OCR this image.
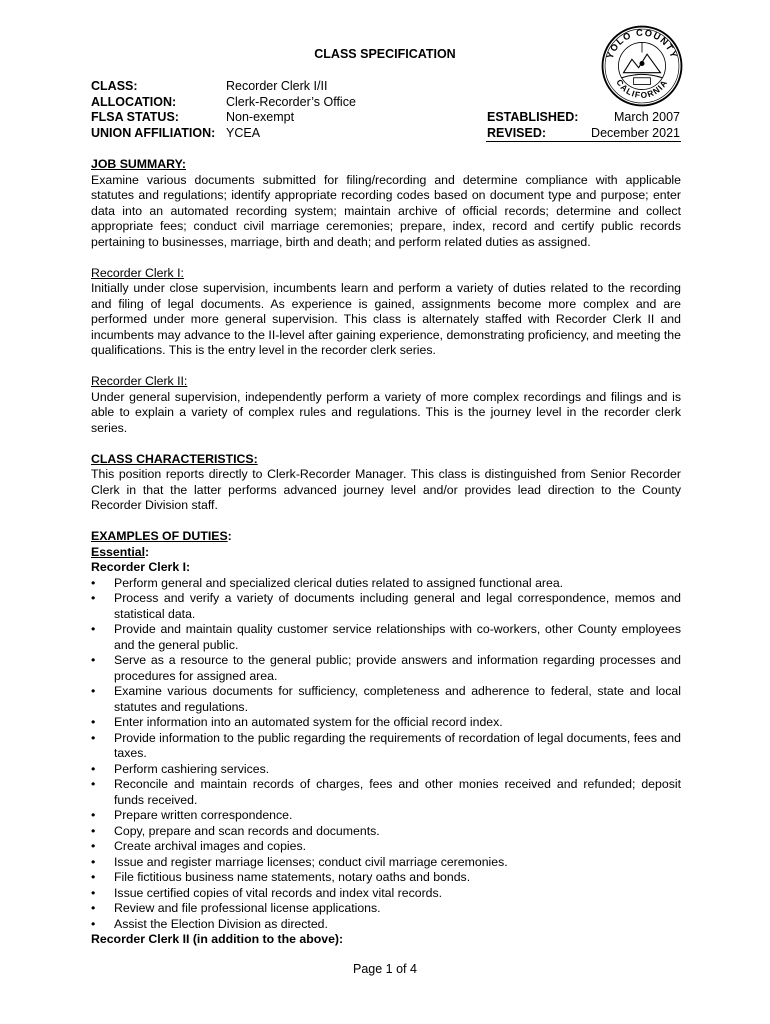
CLASS SPECIFICATION	YOLO COUNTY
CALIFORNIA
CLASS:
ALLOCATION:
FLSA STATUS:
UNION AFFILIATION:
Recorder Clerk I/II
Clerk-Recorder’s Office
Non-exempt
YCEA
ESTABLISHED:
REVISED:
March 2007
December 2021

JOB SUMMARY:

Examine various documents submitted for filing/recording and determine compliance with applicable statutes and regulations; identify appropriate recording codes based on document type and purpose; enter data into an automated recording system; maintain archive of official records; determine and collect appropriate fees; conduct civil marriage ceremonies; prepare, index, record and certify public records pertaining to businesses, marriage, birth and death; and perform related duties as assigned.

Recorder Clerk I:

Initially under close supervision, incumbents learn and perform a variety of duties related to the recording and filing of legal documents. As experience is gained, assignments become more complex and are performed under more general supervision. This class is alternately staffed with Recorder Clerk II and incumbents may advance to the II-level after gaining experience, demonstrating proficiency, and meeting the qualifications. This is the entry level in the recorder clerk series.

Recorder Clerk II:

Under general supervision, independently perform a variety of more complex recordings and filings and is able to explain a variety of complex rules and regulations. This is the journey level in the recorder clerk series.

CLASS CHARACTERISTICS:

This position reports directly to Clerk-Recorder Manager. This class is distinguished from Senior Recorder Clerk in that the latter performs advanced journey level and/or provides lead direction to the County Recorder Division staff.

EXAMPLES OF DUTIES:

Essential:

Recorder Clerk I:

• Perform general and specialized clerical duties related to assigned functional area.
• Process and verify a variety of documents including general and legal correspondence, memos and statistical data.
• Provide and maintain quality customer service relationships with co-workers, other County employees and the general public.
• Serve as a resource to the general public; provide answers and information regarding processes and procedures for assigned area.
• Examine various documents for sufficiency, completeness and adherence to federal, state and local statutes and regulations.
• Enter information into an automated system for the official record index.
• Provide information to the public regarding the requirements of recordation of legal documents, fees and taxes.
• Perform cashiering services.
• Reconcile and maintain records of charges, fees and other monies received and refunded; deposit funds received.
• Prepare written correspondence.
• Copy, prepare and scan records and documents.
• Create archival images and copies.
• Issue and register marriage licenses; conduct civil marriage ceremonies.
• File fictitious business name statements, notary oaths and bonds.
• Issue certified copies of vital records and index vital records.
• Review and file professional license applications.
• Assist the Election Division as directed.

Recorder Clerk II (in addition to the above):

Page 1 of 4
